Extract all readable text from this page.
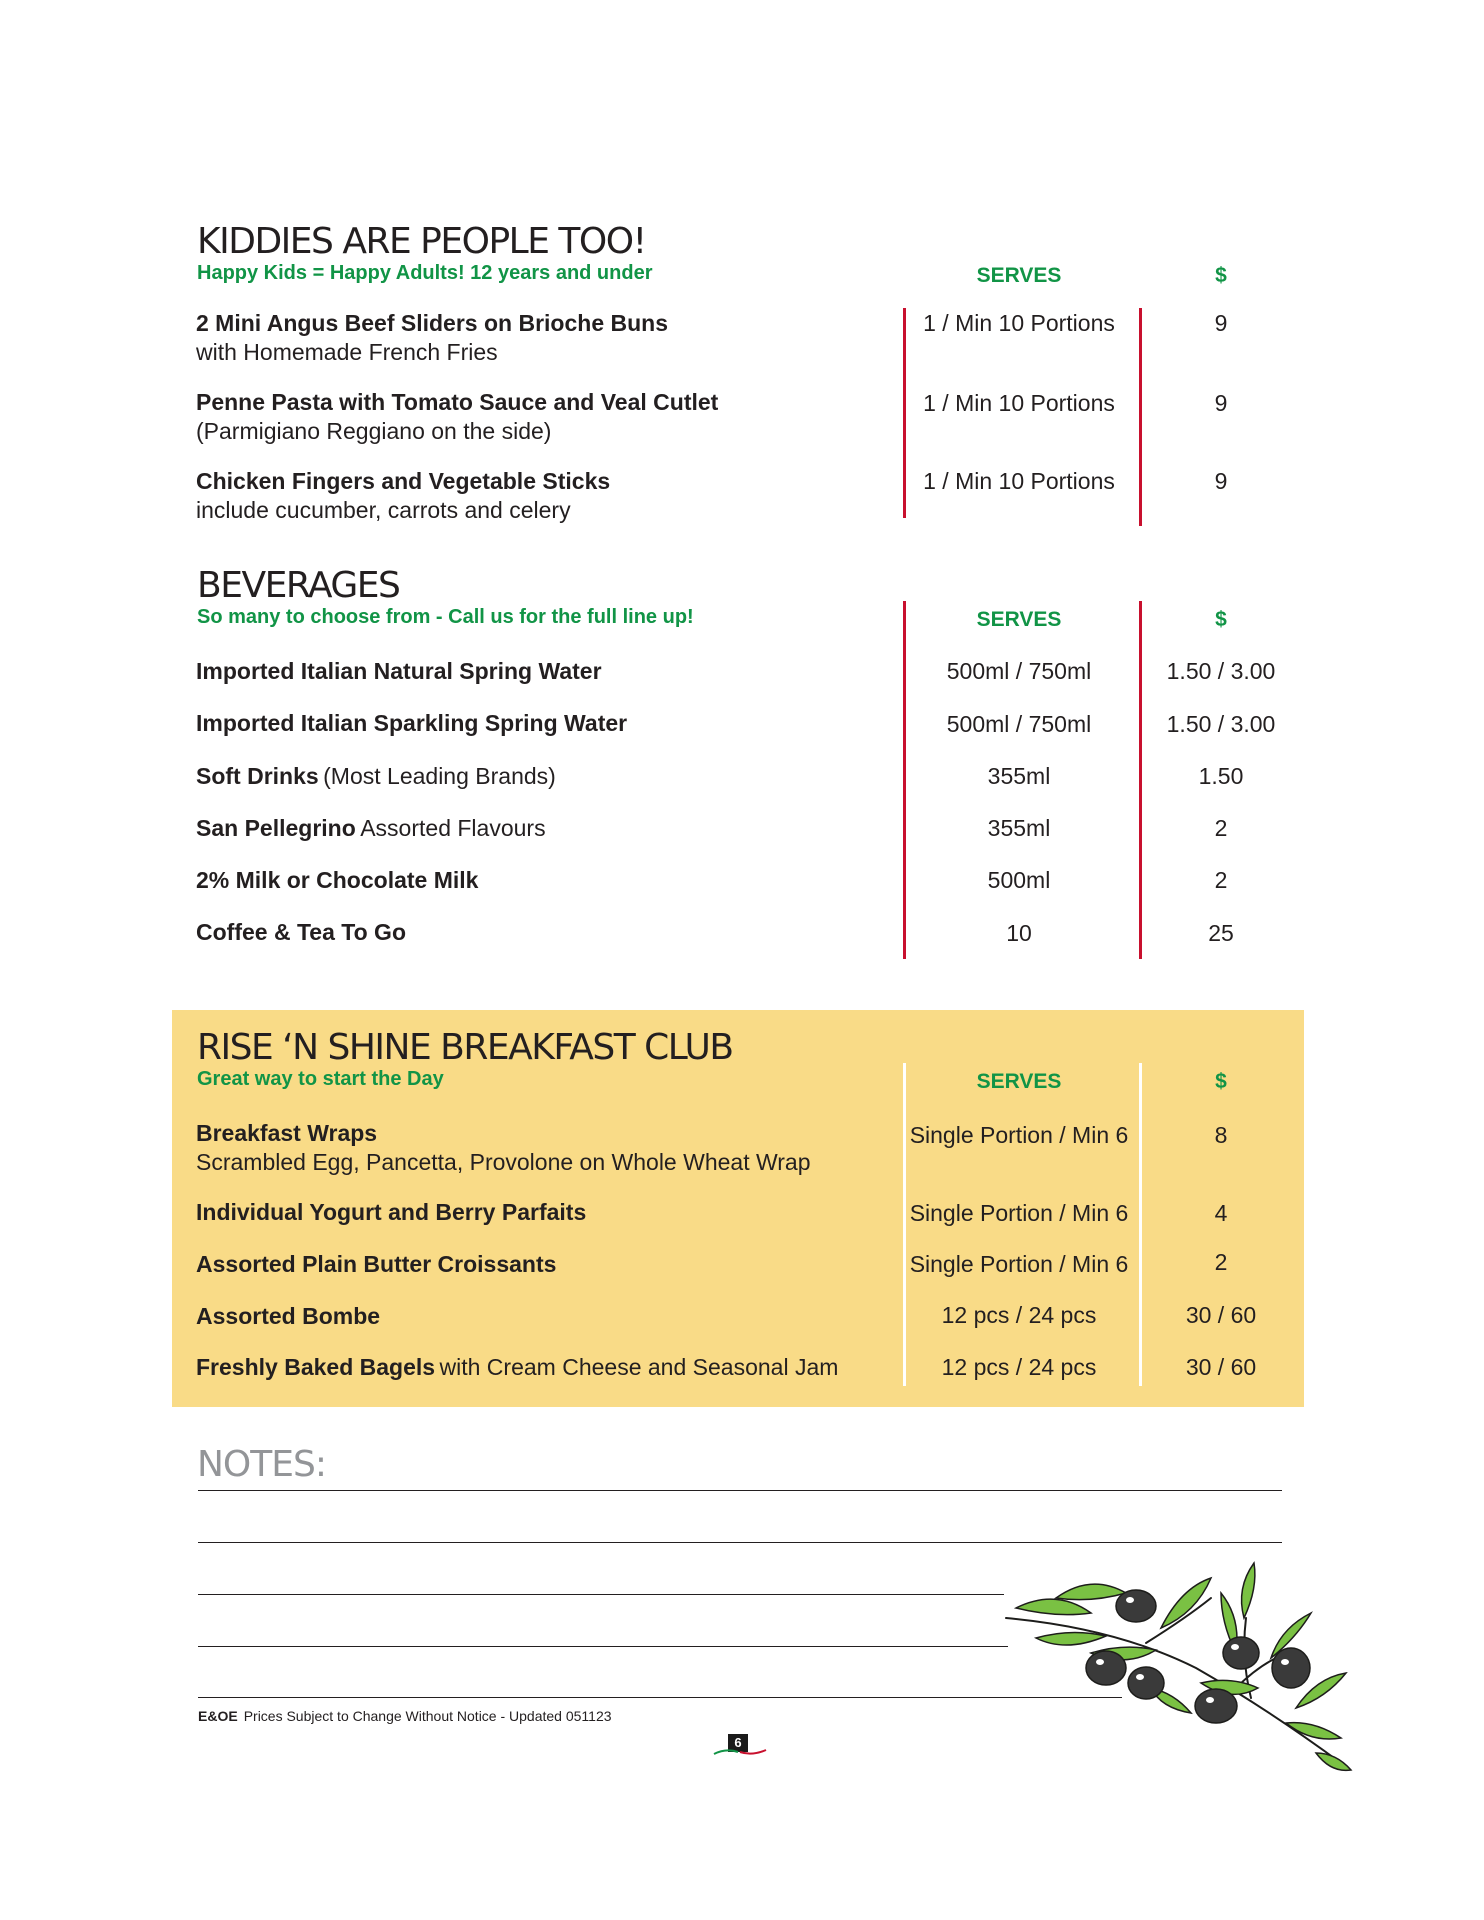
KIDDIES ARE PEOPLE TOO!
Happy Kids = Happy Adults! 12 years and under	SERVES	$
2 Mini Angus Beef Sliders on Brioche Buns
with Homemade French Fries
1 / Min 10 Portions	9
Penne Pasta with Tomato Sauce and Veal Cutlet
(Parmigiano Reggiano on the side)
1 / Min 10 Portions	9
Chicken Fingers and Vegetable Sticks
include cucumber, carrots and celery
1 / Min 10 Portions	9
BEVERAGES
So many to choose from - Call us for the full line up!	SERVES	$
Imported Italian Natural Spring Water	500ml / 750ml	1.50 / 3.00
Imported Italian Sparkling Spring Water	500ml / 750ml	1.50 / 3.00
Soft Drinks (Most Leading Brands)	355ml	1.50
San Pellegrino Assorted Flavours	355ml	2
2% Milk or Chocolate Milk	500ml	2
Coffee & Tea To Go	10	25
RISE ‘N SHINE BREAKFAST CLUB
Great way to start the Day	SERVES	$
Breakfast Wraps
Scrambled Egg, Pancetta, Provolone on Whole Wheat Wrap
Single Portion / Min 6	8
Individual Yogurt and Berry Parfaits	Single Portion / Min 6	4
Assorted Plain Butter Croissants	Single Portion / Min 6	2
Assorted Bombe	12 pcs / 24 pcs	30 / 60
Freshly Baked Bagels with Cream Cheese and Seasonal Jam	12 pcs / 24 pcs	30 / 60
NOTES:
E&OE Prices Subject to Change Without Notice - Updated 051123
6
